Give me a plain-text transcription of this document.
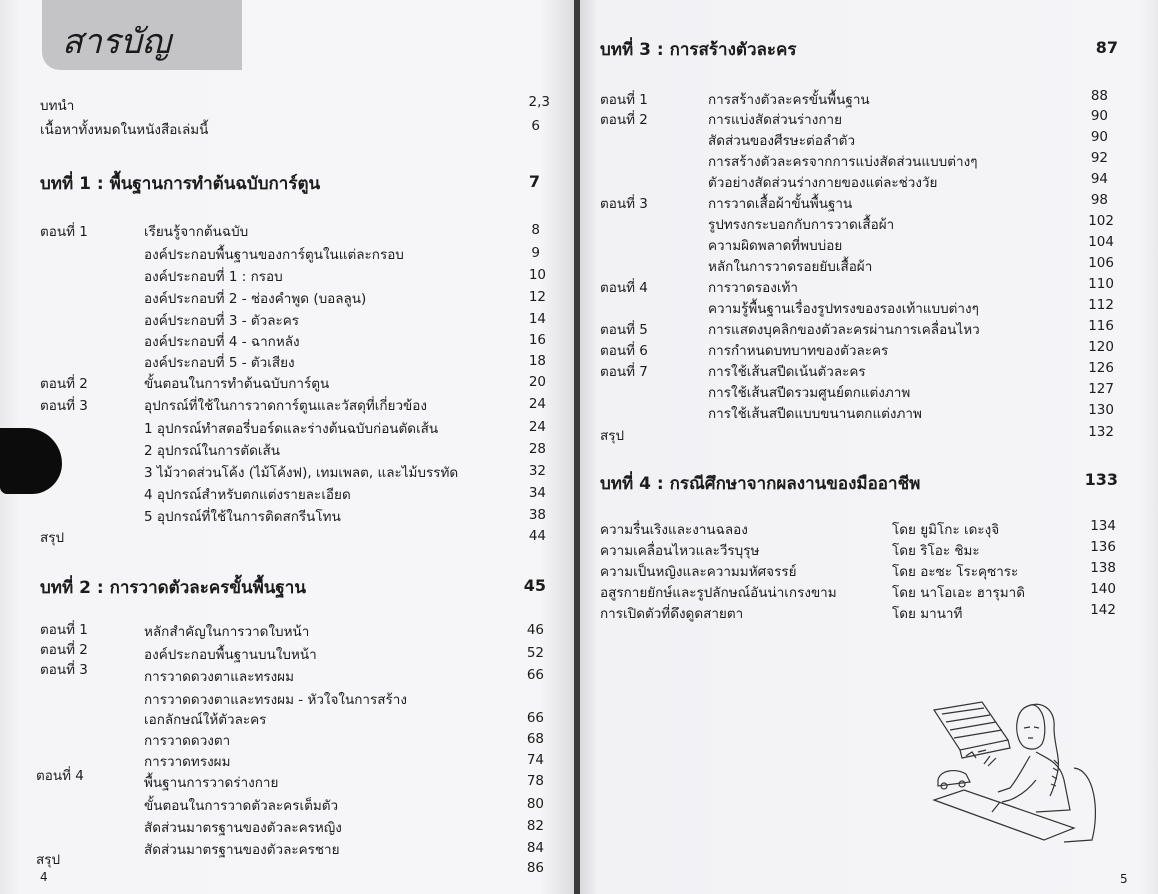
สารบัญ
บทนำ	2,3
เนื้อหาทั้งหมดในหนังสือเล่มนี้	6
บทที่ 1 : พื้นฐานการทำต้นฉบับการ์ตูน	7
ตอนที่ 1	เรียนรู้จากต้นฉบับ	8
องค์ประกอบพื้นฐานของการ์ตูนในแต่ละกรอบ	9
องค์ประกอบที่ 1 : กรอบ	10
องค์ประกอบที่ 2 - ช่องคำพูด (บอลลูน)	12
องค์ประกอบที่ 3 - ตัวละคร	14
องค์ประกอบที่ 4 - ฉากหลัง	16
องค์ประกอบที่ 5 - ตัวเสียง	18
ตอนที่ 2	ขั้นตอนในการทำต้นฉบับการ์ตูน	20
ตอนที่ 3	อุปกรณ์ที่ใช้ในการวาดการ์ตูนและวัสดุที่เกี่ยวข้อง	24
1 อุปกรณ์ทำสตอรี่บอร์ดและร่างต้นฉบับก่อนตัดเส้น	24
2 อุปกรณ์ในการตัดเส้น	28
3 ไม้วาดส่วนโค้ง (ไม้โค้งฟ), เทมเพลต, และไม้บรรทัด	32
4 อุปกรณ์สำหรับตกแต่งรายละเอียด	34
5 อุปกรณ์ที่ใช้ในการติดสกรีนโทน	38
สรุป	44
บทที่ 2 : การวาดตัวละครขั้นพื้นฐาน	45
ตอนที่ 1	หลักสำคัญในการวาดใบหน้า	46
ตอนที่ 2	องค์ประกอบพื้นฐานบนใบหน้า	52
ตอนที่ 3	การวาดดวงตาและทรงผม	66
การวาดดวงตาและทรงผม - หัวใจในการสร้าง
เอกลักษณ์ให้ตัวละคร	66
การวาดดวงตา	68
การวาดทรงผม	74
ตอนที่ 4	พื้นฐานการวาดร่างกาย	78
ขั้นตอนในการวาดตัวละครเต็มตัว	80
สัดส่วนมาตรฐานของตัวละครหญิง	82
สัดส่วนมาตรฐานของตัวละครชาย	84
สรุป	86
4
บทที่ 3 : การสร้างตัวละคร	87
ตอนที่ 1	การสร้างตัวละครขั้นพื้นฐาน	88
ตอนที่ 2	การแบ่งสัดส่วนร่างกาย	90
สัดส่วนของศีรษะต่อลำตัว	90
การสร้างตัวละครจากการแบ่งสัดส่วนแบบต่างๆ	92
ตัวอย่างสัดส่วนร่างกายของแต่ละช่วงวัย	94
ตอนที่ 3	การวาดเสื้อผ้าขั้นพื้นฐาน	98
รูปทรงกระบอกกับการวาดเสื้อผ้า	102
ความผิดพลาดที่พบบ่อย	104
หลักในการวาดรอยยับเสื้อผ้า	106
ตอนที่ 4	การวาดรองเท้า	110
ความรู้พื้นฐานเรื่องรูปทรงของรองเท้าแบบต่างๆ	112
ตอนที่ 5	การแสดงบุคลิกของตัวละครผ่านการเคลื่อนไหว	116
ตอนที่ 6	การกำหนดบทบาทของตัวละคร	120
ตอนที่ 7	การใช้เส้นสปีดเน้นตัวละคร	126
การใช้เส้นสปีดรวมศูนย์ตกแต่งภาพ	127
การใช้เส้นสปีดแบบขนานตกแต่งภาพ	130
สรุป	132
บทที่ 4 : กรณีศึกษาจากผลงานของมืออาชีพ	133
ความรื่นเริงและงานฉลอง	โดย ยูมิโกะ เดะงุจิ	134
ความเคลื่อนไหวและวีรบุรุษ	โดย ริโอะ ชิมะ	136
ความเป็นหญิงและความมหัศจรรย์	โดย อะซะ โระคุซาระ	138
อสูรกายยักษ์และรูปลักษณ์อันน่าเกรงขาม	โดย นาโอเอะ ฮารุมาดิ	140
การเปิดตัวที่ดึงดูดสายตา	โดย มานาที	142
5
